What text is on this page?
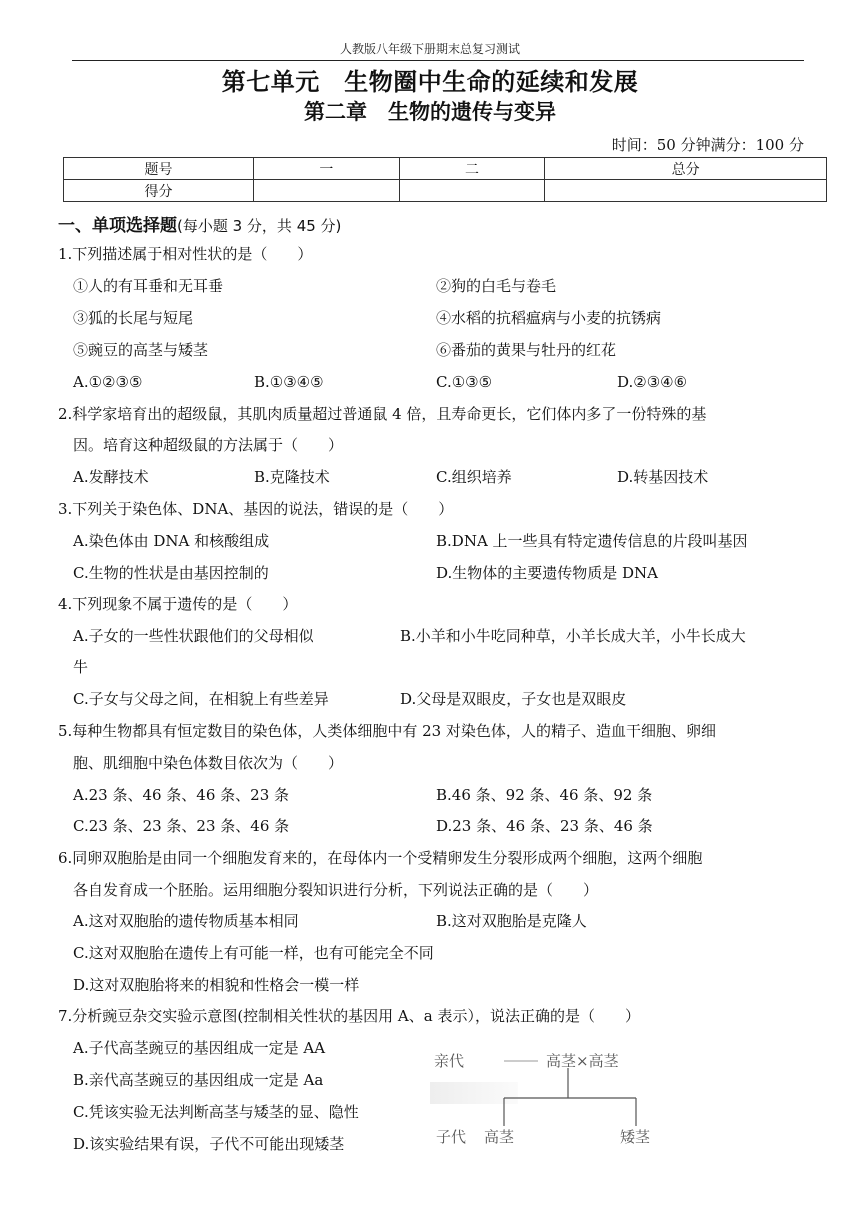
人教版八年级下册期末总复习测试
第七单元　生物圈中生命的延续和发展
第二章　生物的遗传与变异
时间：50 分钟满分：100 分
题号	一	二	总分
得分			
一、单项选择题(每小题 3 分，共 45 分)
1.下列描述属于相对性状的是（　　）
①人的有耳垂和无耳垂	②狗的白毛与卷毛
③狐的长尾与短尾	④水稻的抗稻瘟病与小麦的抗锈病
⑤豌豆的高茎与矮茎	⑥番茄的黄果与牡丹的红花
A.①②③⑤	B.①③④⑤	C.①③⑤	D.②③④⑥
2.科学家培育出的超级鼠，其肌肉质量超过普通鼠 4 倍，且寿命更长，它们体内多了一份特殊的基
因。培育这种超级鼠的方法属于（　　）
A.发酵技术	B.克隆技术	C.组织培养	D.转基因技术
3.下列关于染色体、DNA、基因的说法，错误的是（　　）
A.染色体由 DNA 和核酸组成	B.DNA 上一些具有特定遗传信息的片段叫基因
C.生物的性状是由基因控制的	D.生物体的主要遗传物质是 DNA
4.下列现象不属于遗传的是（　　）
A.子女的一些性状跟他们的父母相似	B.小羊和小牛吃同种草，小羊长成大羊，小牛长成大
牛
C.子女与父母之间，在相貌上有些差异	D.父母是双眼皮，子女也是双眼皮
5.每种生物都具有恒定数目的染色体，人类体细胞中有 23 对染色体，人的精子、造血干细胞、卵细
胞、肌细胞中染色体数目依次为（　　）
A.23 条、46 条、46 条、23 条	B.46 条、92 条、46 条、92 条
C.23 条、23 条、23 条、46 条	D.23 条、46 条、23 条、46 条
6.同卵双胞胎是由同一个细胞发育来的，在母体内一个受精卵发生分裂形成两个细胞，这两个细胞
各自发育成一个胚胎。运用细胞分裂知识进行分析，下列说法正确的是（　　）
A.这对双胞胎的遗传物质基本相同	B.这对双胞胎是克隆人
C.这对双胞胎在遗传上有可能一样，也有可能完全不同
D.这对双胞胎将来的相貌和性格会一模一样
7.分析豌豆杂交实验示意图(控制相关性状的基因用 A、a 表示），说法正确的是（　　）
A.子代高茎豌豆的基因组成一定是 AA
B.亲代高茎豌豆的基因组成一定是 Aa
C.凭该实验无法判断高茎与矮茎的显、隐性
D.该实验结果有误，子代不可能出现矮茎
亲代	高茎×高茎
子代 高茎	矮茎
